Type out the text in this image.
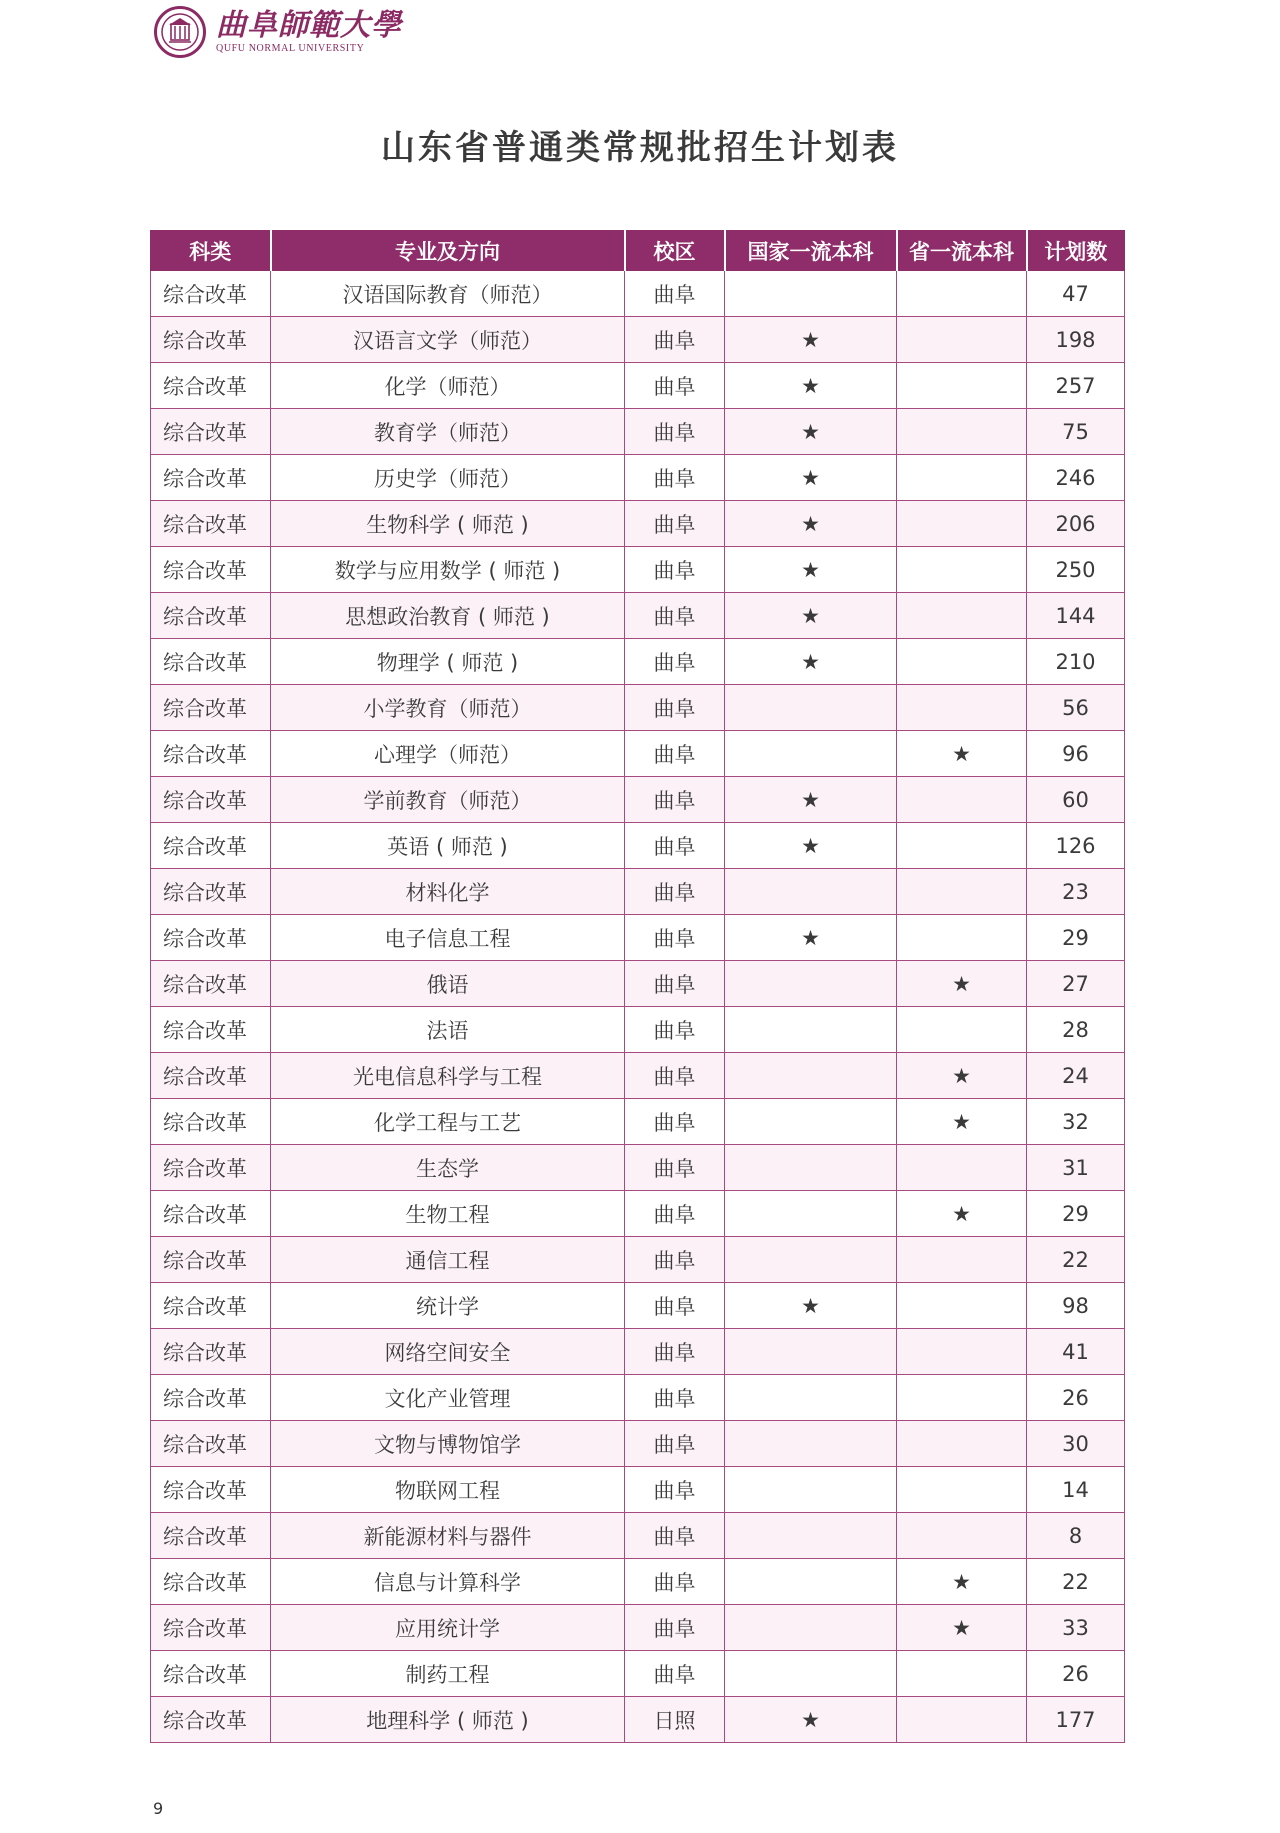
曲阜師範大學
QUFU NORMAL UNIVERSITY
山东省普通类常规批招生计划表
科类	专业及方向	校区	国家一流本科	省一流本科	计划数
综合改革	汉语国际教育（师范）	曲阜			47
综合改革	汉语言文学（师范）	曲阜	★		198
综合改革	化学（师范）	曲阜	★		257
综合改革	教育学（师范）	曲阜	★		75
综合改革	历史学（师范）	曲阜	★		246
综合改革	生物科学 ( 师范 )	曲阜	★		206
综合改革	数学与应用数学 ( 师范 )	曲阜	★		250
综合改革	思想政治教育 ( 师范 )	曲阜	★		144
综合改革	物理学 ( 师范 )	曲阜	★		210
综合改革	小学教育（师范）	曲阜			56
综合改革	心理学（师范）	曲阜		★	96
综合改革	学前教育（师范）	曲阜	★		60
综合改革	英语 ( 师范 )	曲阜	★		126
综合改革	材料化学	曲阜			23
综合改革	电子信息工程	曲阜	★		29
综合改革	俄语	曲阜		★	27
综合改革	法语	曲阜			28
综合改革	光电信息科学与工程	曲阜		★	24
综合改革	化学工程与工艺	曲阜		★	32
综合改革	生态学	曲阜			31
综合改革	生物工程	曲阜		★	29
综合改革	通信工程	曲阜			22
综合改革	统计学	曲阜	★		98
综合改革	网络空间安全	曲阜			41
综合改革	文化产业管理	曲阜			26
综合改革	文物与博物馆学	曲阜			30
综合改革	物联网工程	曲阜			14
综合改革	新能源材料与器件	曲阜			8
综合改革	信息与计算科学	曲阜		★	22
综合改革	应用统计学	曲阜		★	33
综合改革	制药工程	曲阜			26
综合改革	地理科学 ( 师范 )	日照	★		177
9
